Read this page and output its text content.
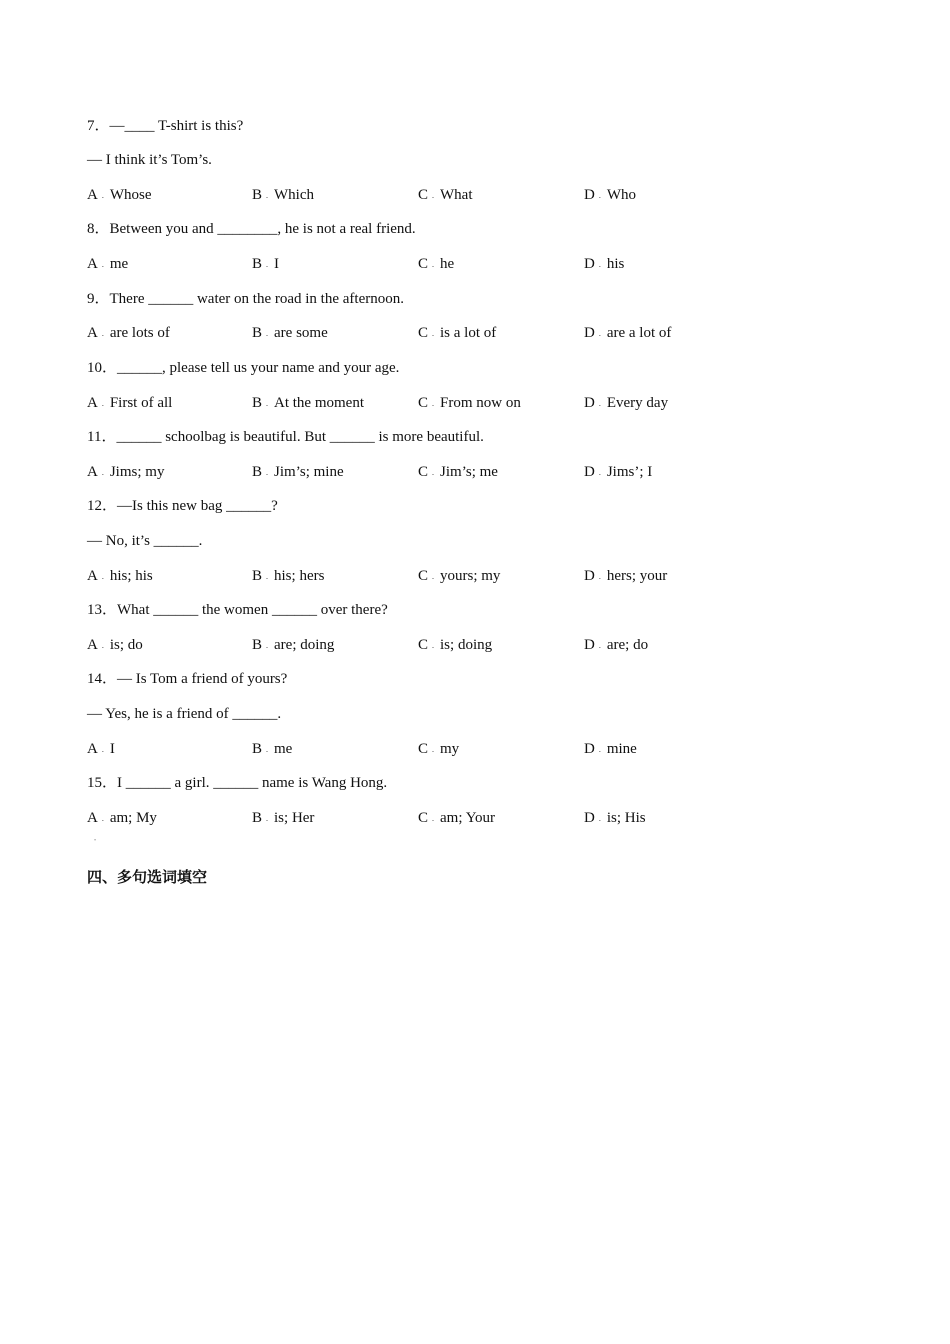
7．—____ T-shirt is this?
— I think it’s Tom’s.
A . Whose	B . Which	C . What	D . Who
8．Between you and ________, he is not a real friend.
A . me	B . I	C . he	D . his
9．There ______ water on the road in the afternoon.
A . are lots of	B . are some	C . is a lot of	D . are a lot of
10．______, please tell us your name and your age.
A . First of all	B . At the moment	C . From now on	D . Every day
11．______ schoolbag is beautiful. But ______ is more beautiful.
A . Jims; my	B . Jim’s; mine	C . Jim’s; me	D . Jims’; I
12．—Is this new bag ______?
— No, it’s ______.
A . his; his	B . his; hers	C . yours; my	D . hers; your
13．What ______ the women ______ over there?
A . is; do	B . are; doing	C . is; doing	D . are; do
14．— Is Tom a friend of yours?
— Yes, he is a friend of ______.
A . I	B . me	C . my	D . mine
15．I ______ a girl. ______ name is Wang Hong.
A . am; My	B . is; Her	C . am; Your	D . is; His
•
四、多句选词填空
